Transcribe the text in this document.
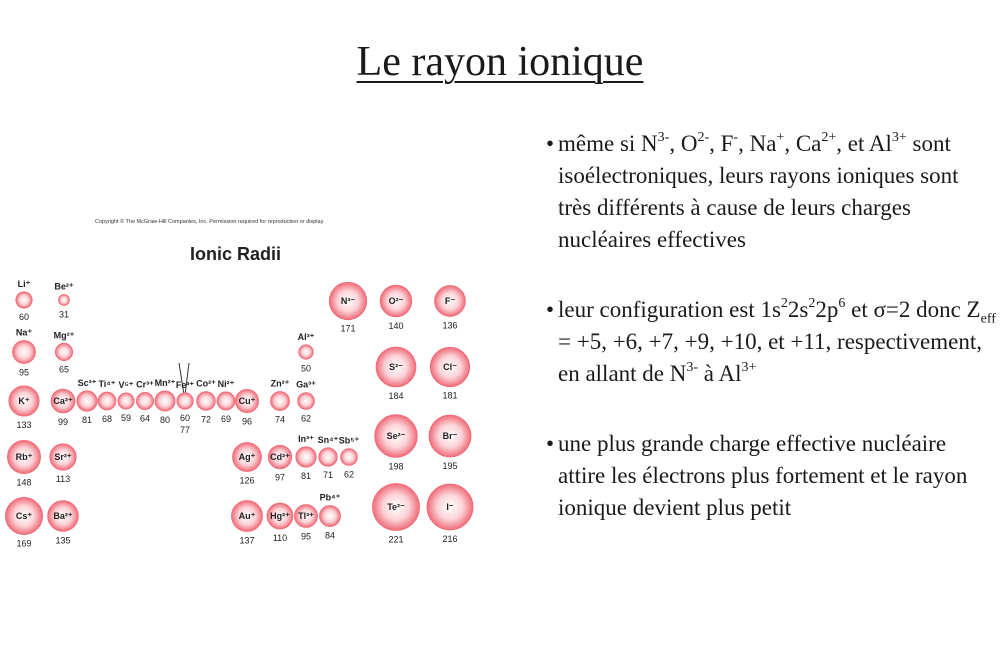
Le rayon ionique
Copyright © The McGraw-Hill Companies, Inc. Permission required for reproduction or display.
Ionic Radii
Li⁺
60
Be²⁺
31
Na⁺
95
Mg²⁺
65
K⁺
133
Ca²⁺
99
Sc³⁺
81
Ti⁴⁺
68
V⁵⁺
59
Cr³⁺
64
Mn²⁺
80
Fe³⁺
60
77
Co²⁺
72
Ni²⁺
69
Cu⁺
96
Zn²⁺
74
Ga³⁺
62
Al³⁺
50
Rb⁺
148
Sr²⁺
113
Ag⁺
126
Cd²⁺
97
In³⁺
81
Sn⁴⁺
71
Sb⁵⁺
62
Cs⁺
169
Ba²⁺
135
Au⁺
137
Hg²⁺
110
Tl³⁺
95
Pb⁴⁺
84
N³⁻
171
O²⁻
140
F⁻
136
S²⁻
184
Cl⁻
181
Se²⁻
198
Br⁻
195
Te²⁻
221
I⁻
216
• même si $N^{3-}$, $O^{2-}$, F-, Na+, $Ca^{2+}$, et $Al^{3+}$ sont isoélectroniques, leurs rayons ioniques sont très différents à cause de leurs charges nucléaires effectives
• leur configuration est $1s^22s^22p^6$ et σ=2 donc $Z_{eff} = +5$, +6, +7, +9, +10, et +11, respectivement, en allant de $N^{3-}$ à $Al^{3+}$
• une plus grande charge effective nucléaire attire les électrons plus fortement et le rayon ionique devient plus petit
